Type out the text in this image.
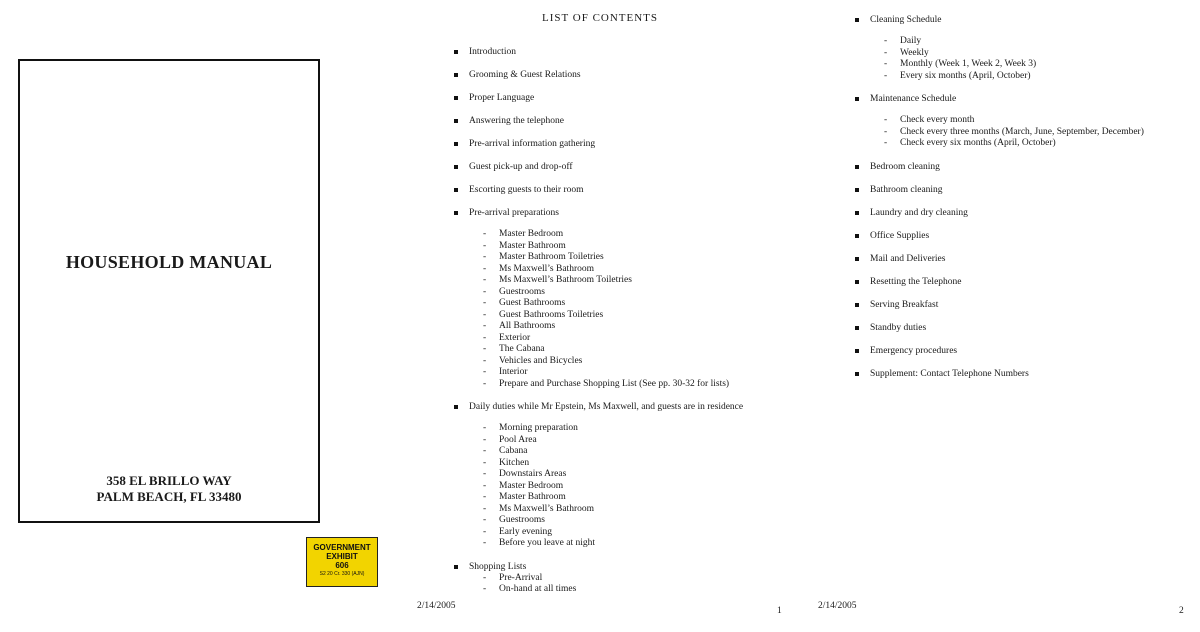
HOUSEHOLD MANUAL
358 EL BRILLO WAY
PALM BEACH, FL 33480
GOVERNMENT
EXHIBIT
606
S2 20 Cr. 330 (AJN)
LIST OF CONTENTS
Introduction
Grooming & Guest Relations
Proper Language
Answering the telephone
Pre-arrival information gathering
Guest pick-up and drop-off
Escorting guests to their room
Pre-arrival preparations
- Master Bedroom
- Master Bathroom
- Master Bathroom Toiletries
- Ms Maxwell’s Bathroom
- Ms Maxwell’s Bathroom Toiletries
- Guestrooms
- Guest Bathrooms
- Guest Bathrooms Toiletries
- All Bathrooms
- Exterior
- The Cabana
- Vehicles and Bicycles
- Interior
- Prepare and Purchase Shopping List (See pp. 30-32 for lists)
Daily duties while Mr Epstein, Ms Maxwell, and guests are in residence
- Morning preparation
- Pool Area
- Cabana
- Kitchen
- Downstairs Areas
- Master Bedroom
- Master Bathroom
- Ms Maxwell’s Bathroom
- Guestrooms
- Early evening
- Before you leave at night
Shopping Lists
- Pre-Arrival
- On-hand at all times
2/14/2005	1
Cleaning Schedule
- Daily
- Weekly
- Monthly (Week 1, Week 2, Week 3)
- Every six months (April, October)
Maintenance Schedule
- Check every month
- Check every three months (March, June, September, December)
- Check every six months (April, October)
Bedroom cleaning
Bathroom cleaning
Laundry and dry cleaning
Office Supplies
Mail and Deliveries
Resetting the Telephone
Serving Breakfast
Standby duties
Emergency procedures
Supplement: Contact Telephone Numbers
2/14/2005	2
